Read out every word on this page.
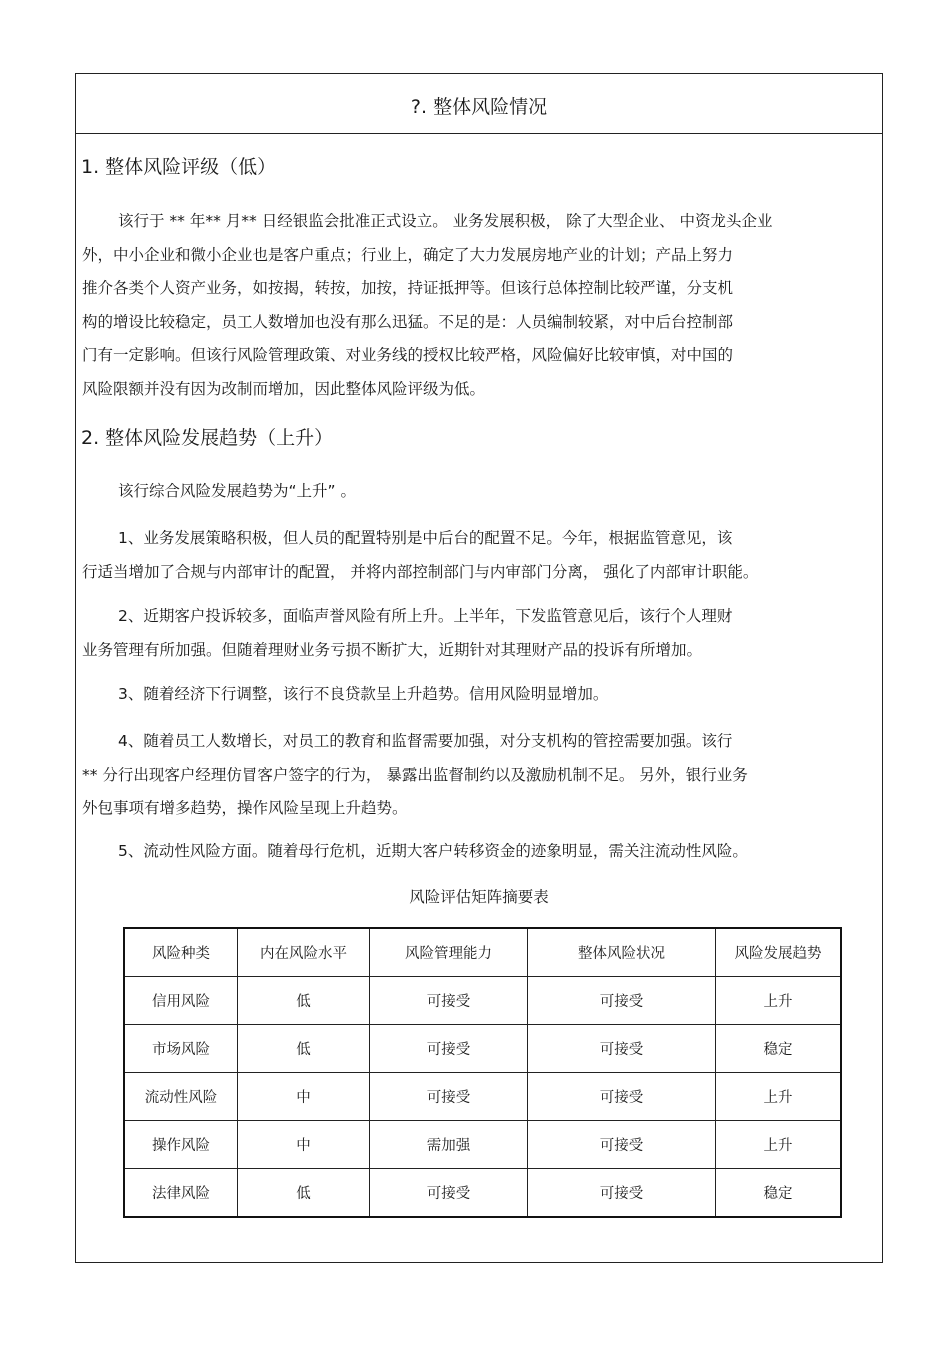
?. 整体风险情况
1. 整体风险评级（低）
该行于 ** 年** 月** 日经银监会批准正式设立。 业务发展积极， 除了大型企业、 中资龙头企业
外，中小企业和微小企业也是客户重点；行业上，确定了大力发展房地产业的计划；产品上努力
推介各类个人资产业务，如按揭，转按，加按，持证抵押等。但该行总体控制比较严谨，分支机
构的增设比较稳定，员工人数增加也没有那么迅猛。不足的是：人员编制较紧，对中后台控制部
门有一定影响。但该行风险管理政策、对业务线的授权比较严格，风险偏好比较审慎，对中国的
风险限额并没有因为改制而增加，因此整体风险评级为低。
2. 整体风险发展趋势（上升）
该行综合风险发展趋势为“上升” 。
1、业务发展策略积极，但人员的配置特别是中后台的配置不足。今年，根据监管意见，该
行适当增加了合规与内部审计的配置， 并将内部控制部门与内审部门分离， 强化了内部审计职能。
2、近期客户投诉较多，面临声誉风险有所上升。上半年，下发监管意见后，该行个人理财
业务管理有所加强。但随着理财业务亏损不断扩大，近期针对其理财产品的投诉有所增加。
3、随着经济下行调整，该行不良贷款呈上升趋势。信用风险明显增加。
4、随着员工人数增长，对员工的教育和监督需要加强，对分支机构的管控需要加强。该行
** 分行出现客户经理仿冒客户签字的行为， 暴露出监督制约以及激励机制不足。 另外，银行业务
外包事项有增多趋势，操作风险呈现上升趋势。
5、流动性风险方面。随着母行危机，近期大客户转移资金的迹象明显，需关注流动性风险。
风险评估矩阵摘要表
风险种类	内在风险水平	风险管理能力	整体风险状况	风险发展趋势
信用风险	低	可接受	可接受	上升
市场风险	低	可接受	可接受	稳定
流动性风险	中	可接受	可接受	上升
操作风险	中	需加强	可接受	上升
法律风险	低	可接受	可接受	稳定
